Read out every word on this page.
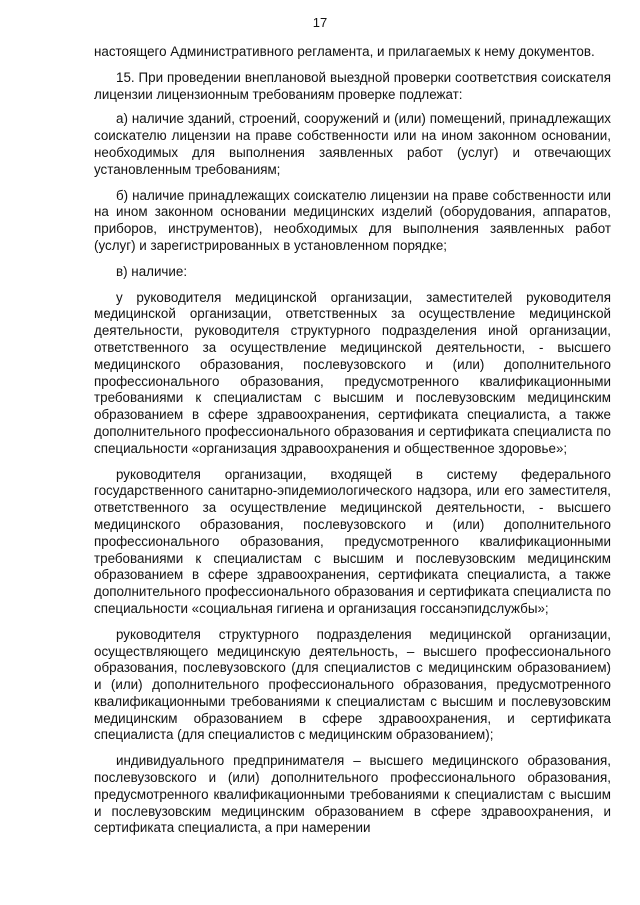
17

настоящего Административного регламента, и прилагаемых к нему документов.

15. При проведении внеплановой выездной проверки соответствия соискателя лицензии лицензионным требованиям проверке подлежат:

а) наличие зданий, строений, сооружений и (или) помещений, принадлежащих соискателю лицензии на праве собственности или на ином законном основании, необходимых для выполнения заявленных работ (услуг) и отвечающих установленным требованиям;

б) наличие принадлежащих соискателю лицензии на праве собственности или на ином законном основании медицинских изделий (оборудования, аппаратов, приборов, инструментов), необходимых для выполнения заявленных работ (услуг) и зарегистрированных в установленном порядке;

в) наличие:

у руководителя медицинской организации, заместителей руководителя медицинской организации, ответственных за осуществление медицинской деятельности, руководителя структурного подразделения иной организации, ответственного за осуществление медицинской деятельности, - высшего медицинского образования, послевузовского и (или) дополнительного профессионального образования, предусмотренного квалификационными требованиями к специалистам с высшим и послевузовским медицинским образованием в сфере здравоохранения, сертификата специалиста, а также дополнительного профессионального образования и сертификата специалиста по специальности «организация здравоохранения и общественное здоровье»;

руководителя организации, входящей в систему федерального государственного санитарно-эпидемиологического надзора, или его заместителя, ответственного за осуществление медицинской деятельности, - высшего медицинского образования, послевузовского и (или) дополнительного профессионального образования, предусмотренного квалификационными требованиями к специалистам с высшим и послевузовским медицинским образованием в сфере здравоохранения, сертификата специалиста, а также дополнительного профессионального образования и сертификата специалиста по специальности «социальная гигиена и организация госсанэпидслужбы»;

руководителя структурного подразделения медицинской организации, осуществляющего медицинскую деятельность, – высшего профессионального образования, послевузовского (для специалистов с медицинским образованием) и (или) дополнительного профессионального образования, предусмотренного квалификационными требованиями к специалистам с высшим и послевузовским медицинским образованием в сфере здравоохранения, и сертификата специалиста (для специалистов с медицинским образованием);

индивидуального предпринимателя – высшего медицинского образования, послевузовского и (или) дополнительного профессионального образования, предусмотренного квалификационными требованиями к специалистам с высшим и послевузовским медицинским образованием в сфере здравоохранения, и сертификата специалиста, а при намерении
